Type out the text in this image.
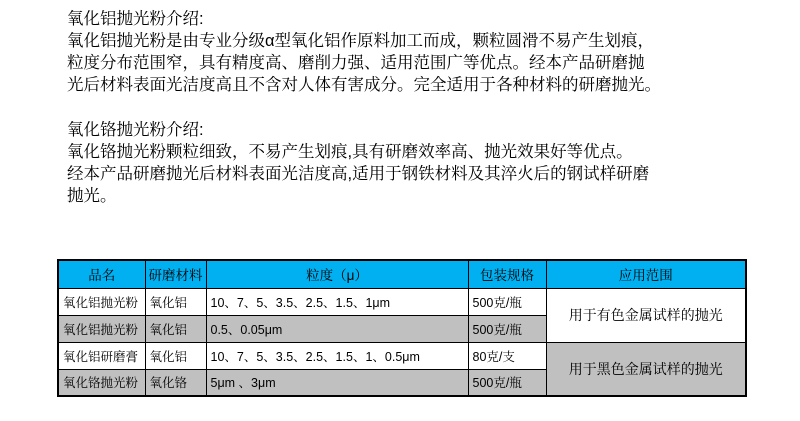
氧化铝抛光粉介绍:
氧化铝抛光粉是由专业分级α型氧化铝作原料加工而成，颗粒圆滑不易产生划痕，
粒度分布范围窄，具有精度高、磨削力强、适用范围广等优点。经本产品研磨抛
光后材料表面光洁度高且不含对人体有害成分。完全适用于各种材料的研磨抛光。
氧化铬抛光粉介绍:
氧化铬抛光粉颗粒细致，不易产生划痕,具有研磨效率高、抛光效果好等优点。
经本产品研磨抛光后材料表面光洁度高,适用于钢铁材料及其淬火后的钢试样研磨
抛光。
品名	研磨材料	粒度（μ）	包装规格	应用范围
氧化铝抛光粉	氧化铝	10、7、5、3.5、2.5、1.5、1μm	500克/瓶	用于有色金属试样的抛光
氧化铝抛光粉	氧化铝	0.5、0.05μm	500克/瓶	
氧化铝研磨膏	氧化铝	10、7、5、3.5、2.5、1.5、1、0.5μm	80克/支	用于黑色金属试样的抛光
氧化铬抛光粉	氧化铬	5μm 、3μm	500克/瓶	
